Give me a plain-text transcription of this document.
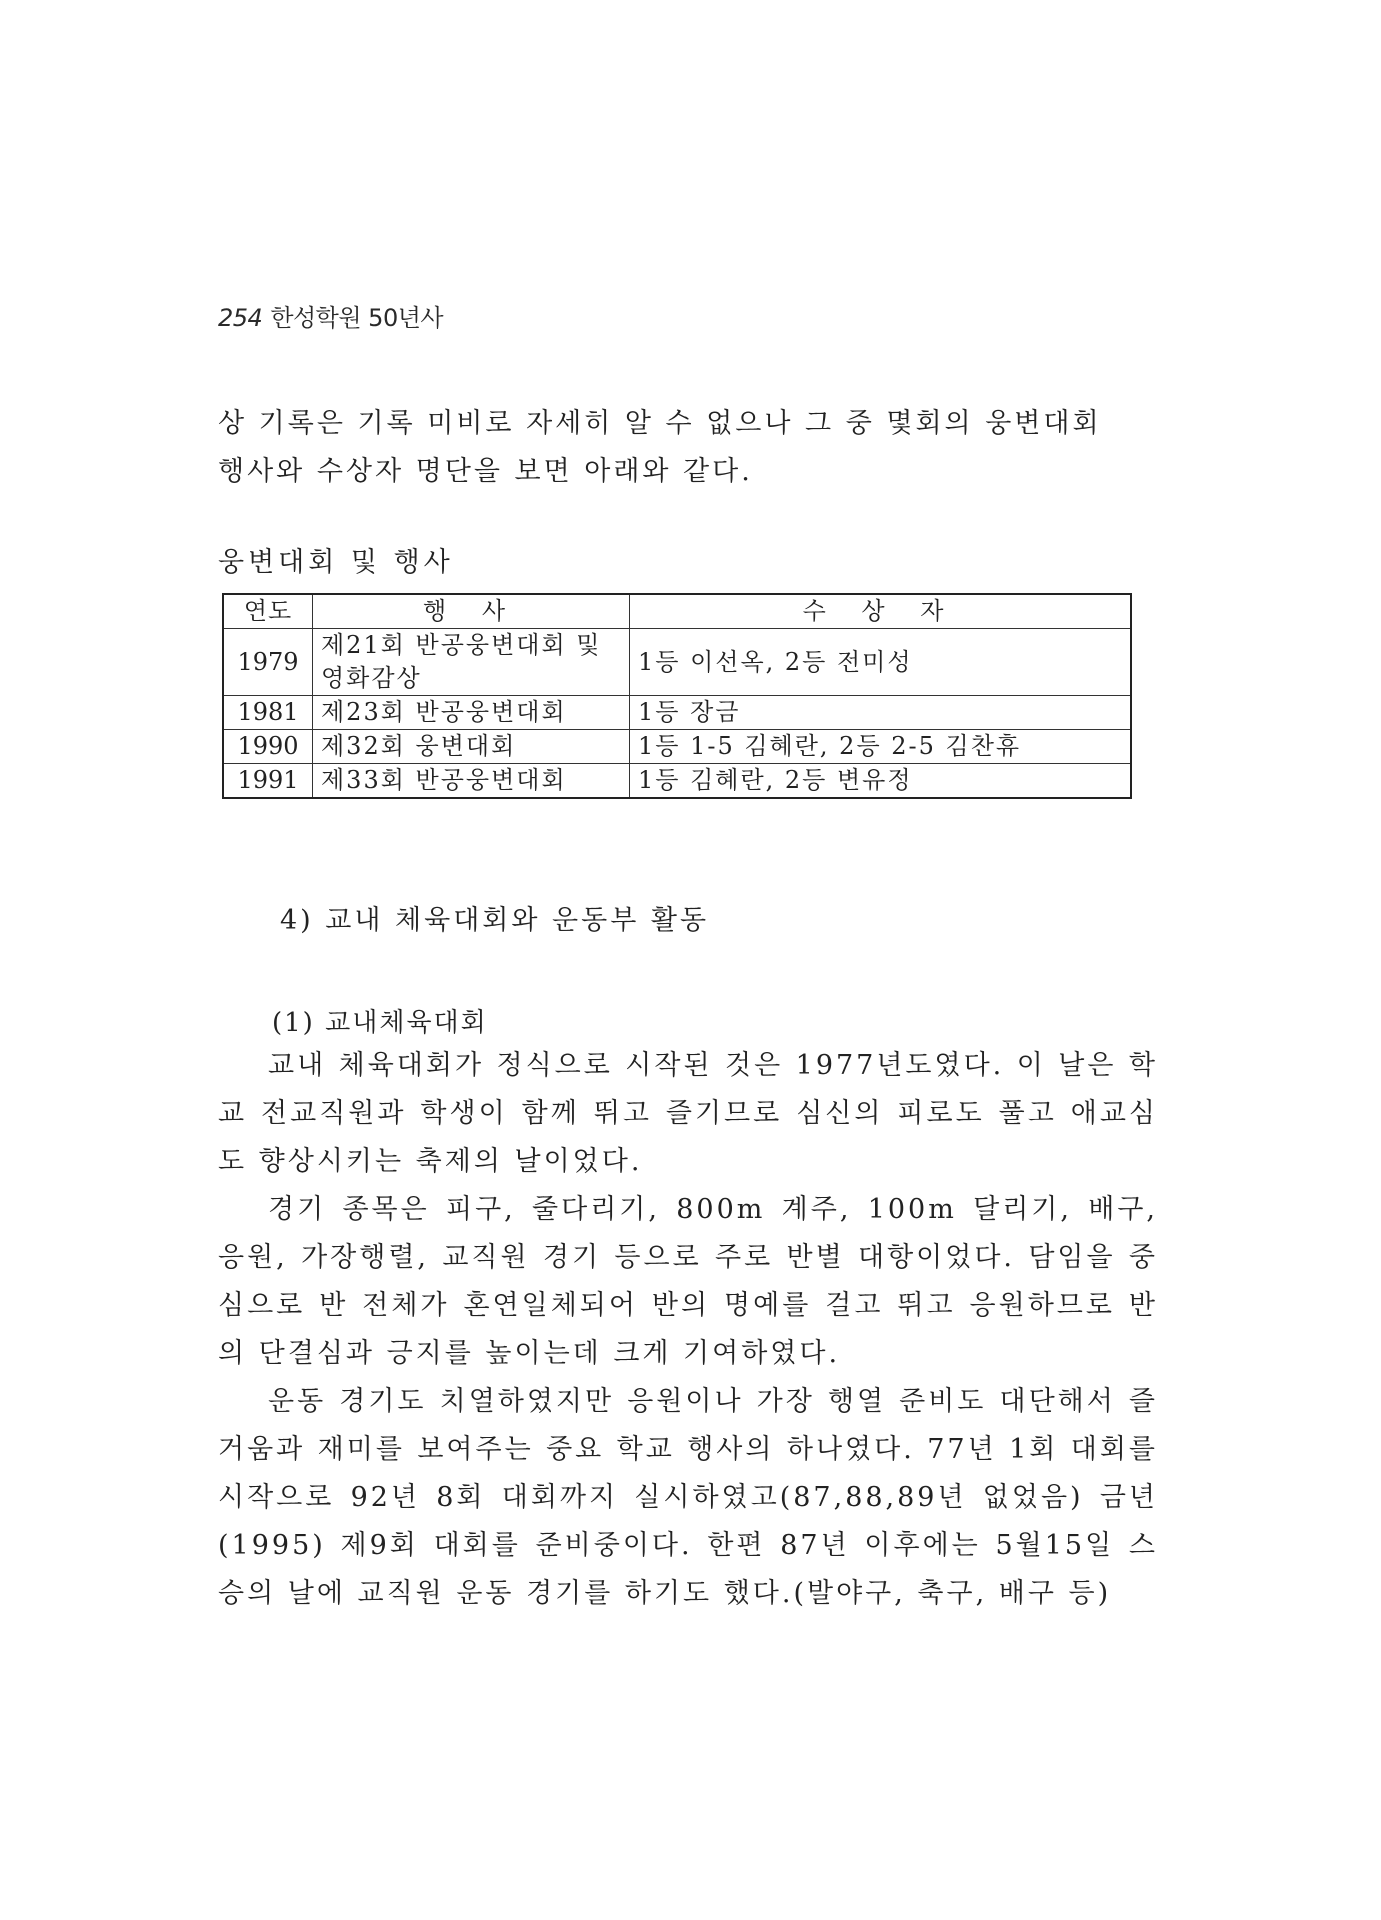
254 한성학원 50년사

상 기록은 기록 미비로 자세히 알 수 없으나 그 중 몇회의 웅변대회

행사와 수상자 명단을 보면 아래와 같다.

웅변대회 및 행사
연도	행 사	수 상 자
1979	제21회 반공웅변대회 및 영화감상	1등 이선옥, 2등 전미성
1981	제23회 반공웅변대회	1등 장금
1990	제32회 웅변대회	1등 1-5 김혜란, 2등 2-5 김찬휴
1991	제33회 반공웅변대회	1등 김혜란, 2등 변유정
4) 교내 체육대회와 운동부 활동
(1) 교내체육대회

교내 체육대회가 정식으로 시작된 것은 1977년도였다. 이 날은 학교 전교직원과 학생이 함께 뛰고 즐기므로 심신의 피로도 풀고 애교심도 향상시키는 축제의 날이었다.

경기 종목은 피구, 줄다리기, 800m 계주, 100m 달리기, 배구, 응원, 가장행렬, 교직원 경기 등으로 주로 반별 대항이었다. 담임을 중심으로 반 전체가 혼연일체되어 반의 명예를 걸고 뛰고 응원하므로 반의 단결심과 긍지를 높이는데 크게 기여하였다.

운동 경기도 치열하였지만 응원이나 가장 행열 준비도 대단해서 즐거움과 재미를 보여주는 중요 학교 행사의 하나였다. 77년 1회 대회를 시작으로 92년 8회 대회까지 실시하였고(87,88,89년 없었음) 금년(1995) 제9회 대회를 준비중이다. 한편 87년 이후에는 5월15일 스승의 날에 교직원 운동 경기를 하기도 했다.(발야구, 축구, 배구 등)
